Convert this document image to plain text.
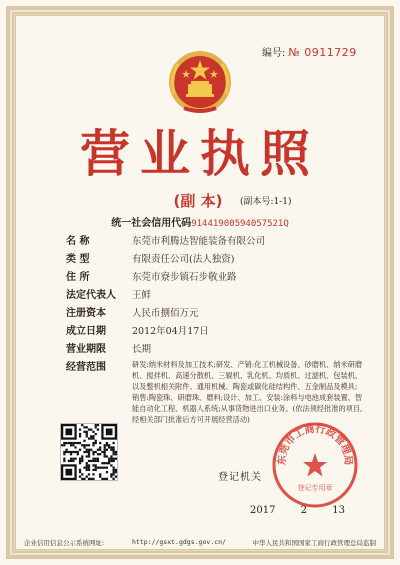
编号: № 0911729
营业执照
(副 本)	(副本号:1-1)
统一社会信用代码91441900594057521Q
名 称	东莞市利腾达智能装备有限公司
类 型	有限责任公司(法人独资)
住 所	东莞市寮步镇石步敬业路
法定代表人	王鲜
注册资本	人民币捌佰万元
成立日期	2012年04月17日
营业期限	长期
经营范围	研发:纳米材料及加工技术;研发、产销:化工机械设备、砂磨机、纳米研磨机、搅拌机、高速分散机、三辊机、乳化机、均质机、过滤机、包装机、以及整机相关附件、通用机械、陶瓷或碳化硅结构件、五金制品及模具;销售:陶瓷珠、研磨珠、磨料;设计、加工、安装:涂料与电池成套装置、智能自动化工程、机器人系统;从事货物进出口业务。(依法须经批准的项目,经相关部门批准后方可开展经营活动)
登记机关
东莞市工商行政管理局
登记专用章
2017	2	13
企业信用信息公示系统网址:	http://gsxt.gdgs.gov.cn/	中华人民共和国国家工商行政管理总局监制
